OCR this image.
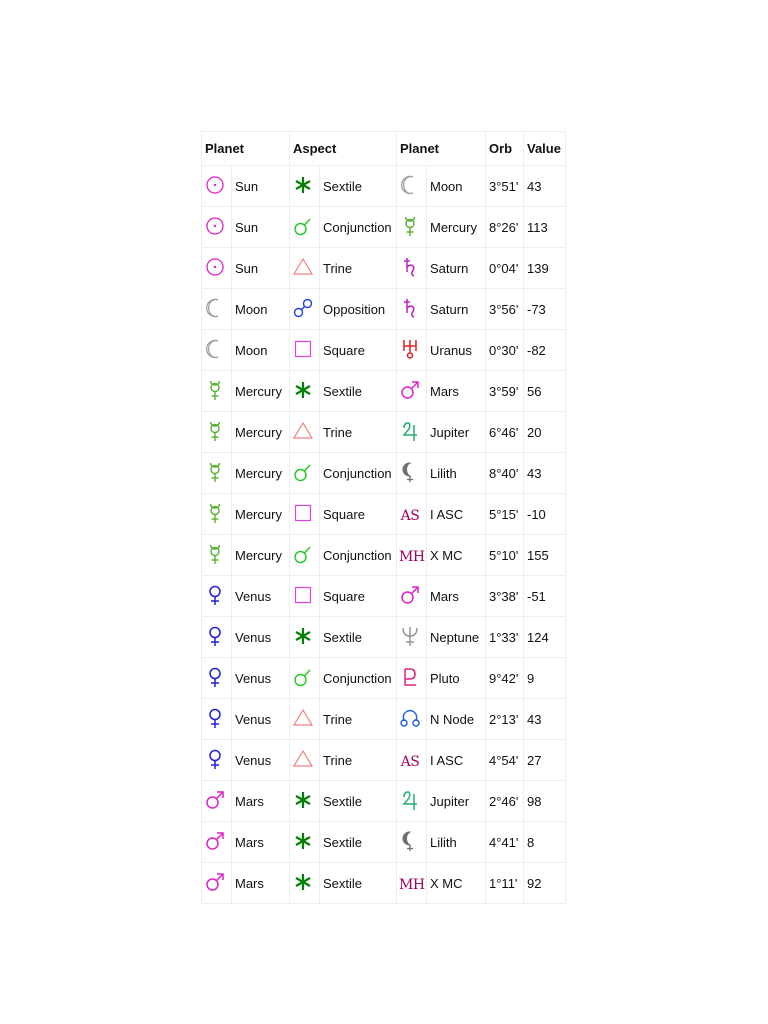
Planet		Aspect		Planet		Orb	Value

	Sun		Sextile		Moon	3°51'	43

	Sun		Conjunction		Mercury	8°26'	113

	Sun		Trine		Saturn	0°04'	139

	Moon		Opposition		Saturn	3°56'	-73

	Moon		Square		Uranus	0°30'	-82

	Mercury		Sextile		Mars	3°59'	56

	Mercury		Trine		Jupiter	6°46'	20

	Mercury		Conjunction		Lilith	8°40'	43

	Mercury		Square	AS	I ASC	5°15'	-10

	Mercury		Conjunction	MH	X MC	5°10'	155

	Venus		Square		Mars	3°38'	-51

	Venus		Sextile		Neptune	1°33'	124

	Venus		Conjunction		Pluto	9°42'	9

	Venus		Trine		N Node	2°13'	43

	Venus		Trine	AS	I ASC	4°54'	27

	Mars		Sextile		Jupiter	2°46'	98

	Mars		Sextile		Lilith	4°41'	8

	Mars		Sextile	MH	X MC	1°11'	92
